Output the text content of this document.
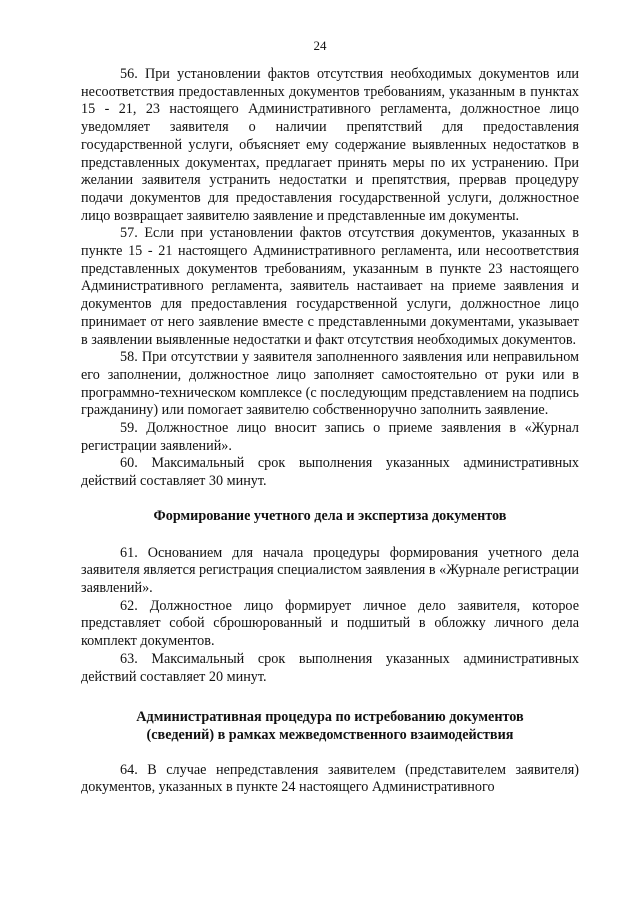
24

56. При установлении фактов отсутствия необходимых документов или несоответствия предоставленных документов требованиям, указанным в пунктах 15 - 21, 23 настоящего Административного регламента, должностное лицо уведомляет заявителя о наличии препятствий для предоставления государственной услуги, объясняет ему содержание выявленных недостатков в представленных документах, предлагает принять меры по их устранению. При желании заявителя устранить недостатки и препятствия, прервав процедуру подачи документов для предоставления государственной услуги, должностное лицо возвращает заявителю заявление и представленные им документы.

57. Если при установлении фактов отсутствия документов, указанных в пункте 15 - 21 настоящего Административного регламента, или несоответствия представленных документов требованиям, указанным в пункте 23 настоящего Административного регламента, заявитель настаивает на приеме заявления и документов для предоставления государственной услуги, должностное лицо принимает от него заявление вместе с представленными документами, указывает в заявлении выявленные недостатки и факт отсутствия необходимых документов.

58. При отсутствии у заявителя заполненного заявления или неправильном его заполнении, должностное лицо заполняет самостоятельно от руки или в программно-техническом комплексе (с последующим представлением на подпись гражданину) или помогает заявителю собственноручно заполнить заявление.

59. Должностное лицо вносит запись о приеме заявления в «Журнал регистрации заявлений».

60. Максимальный срок выполнения указанных административных действий составляет 30 минут.

Формирование учетного дела и экспертиза документов

61. Основанием для начала процедуры формирования учетного дела заявителя является регистрация специалистом заявления в «Журнале регистрации заявлений».

62. Должностное лицо формирует личное дело заявителя, которое представляет собой сброшюрованный и подшитый в обложку личного дела комплект документов.

63. Максимальный срок выполнения указанных административных действий составляет 20 минут.

Административная процедура по истребованию документов

(сведений) в рамках межведомственного взаимодействия

64. В случае непредставления заявителем (представителем заявителя) документов, указанных в пункте 24 настоящего Административного
